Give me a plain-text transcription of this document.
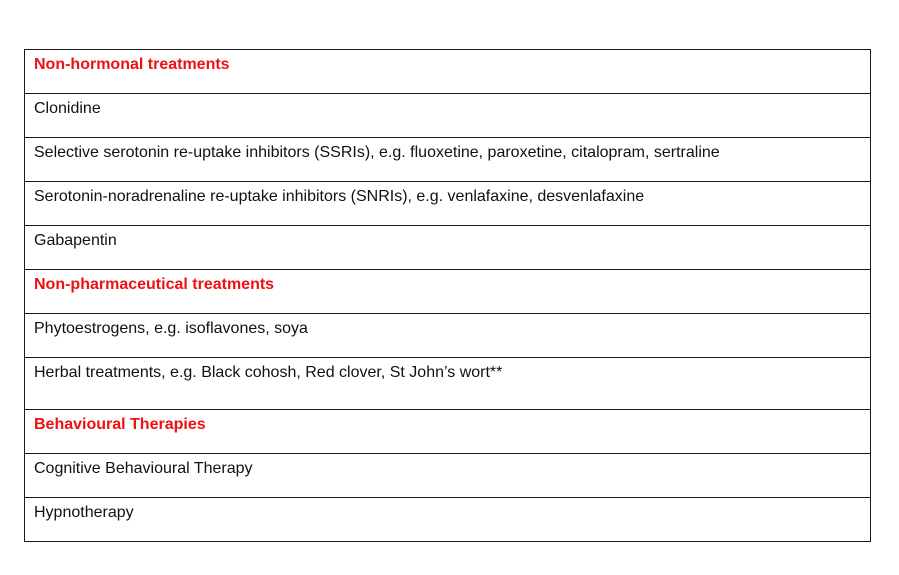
Non-hormonal treatments
Clonidine
Selective serotonin re-uptake inhibitors (SSRIs), e.g. fluoxetine, paroxetine, citalopram, sertraline
Serotonin-noradrenaline re-uptake inhibitors (SNRIs), e.g. venlafaxine, desvenlafaxine
Gabapentin
Non-pharmaceutical treatments
Phytoestrogens, e.g. isoflavones, soya
Herbal treatments, e.g. Black cohosh, Red clover, St John’s wort**
Behavioural Therapies
Cognitive Behavioural Therapy
Hypnotherapy
